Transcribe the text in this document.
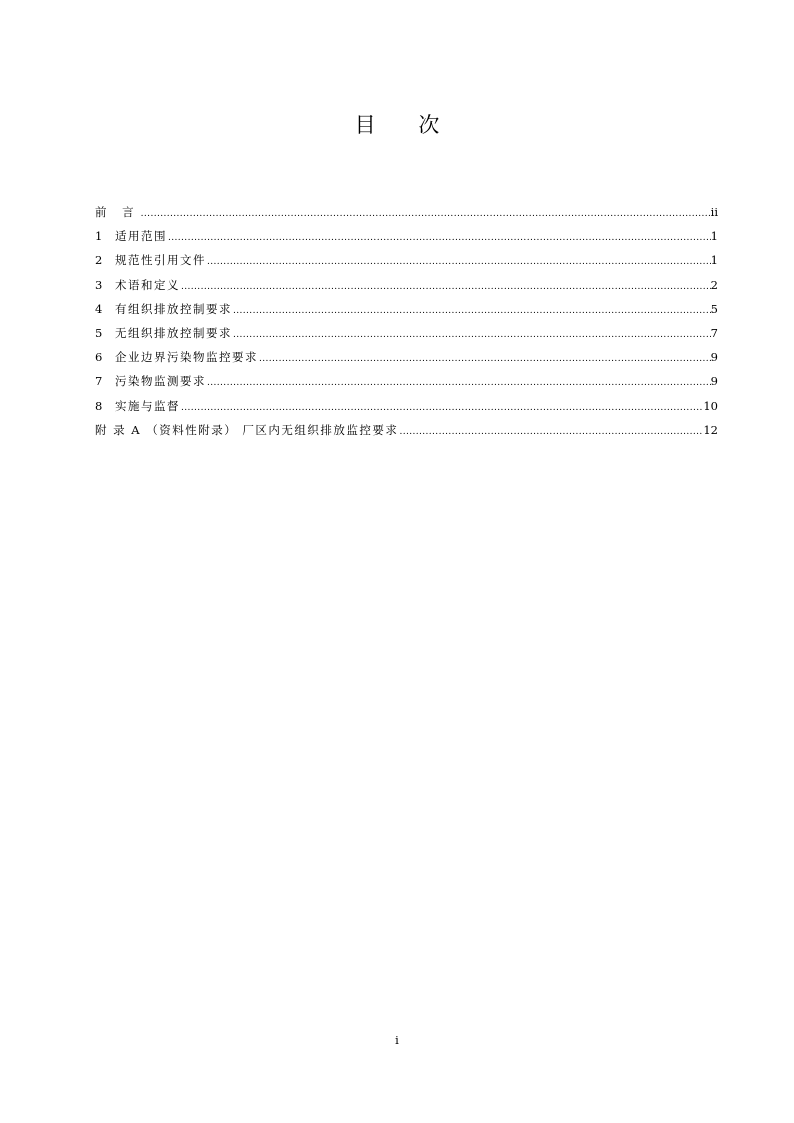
目 次
前 言 .....	ii
1	适用范围 .....	1
2	规范性引用文件 .....	1
3	术语和定义 .....	2
4	有组织排放控制要求 .....	5
5	无组织排放控制要求 .....	7
6	企业边界污染物监控要求 .....	9
7	污染物监测要求 .....	9
8	实施与监督 .....	10
附 录 A （资料性附录） 厂区内无组织排放监控要求 .....	12
i
